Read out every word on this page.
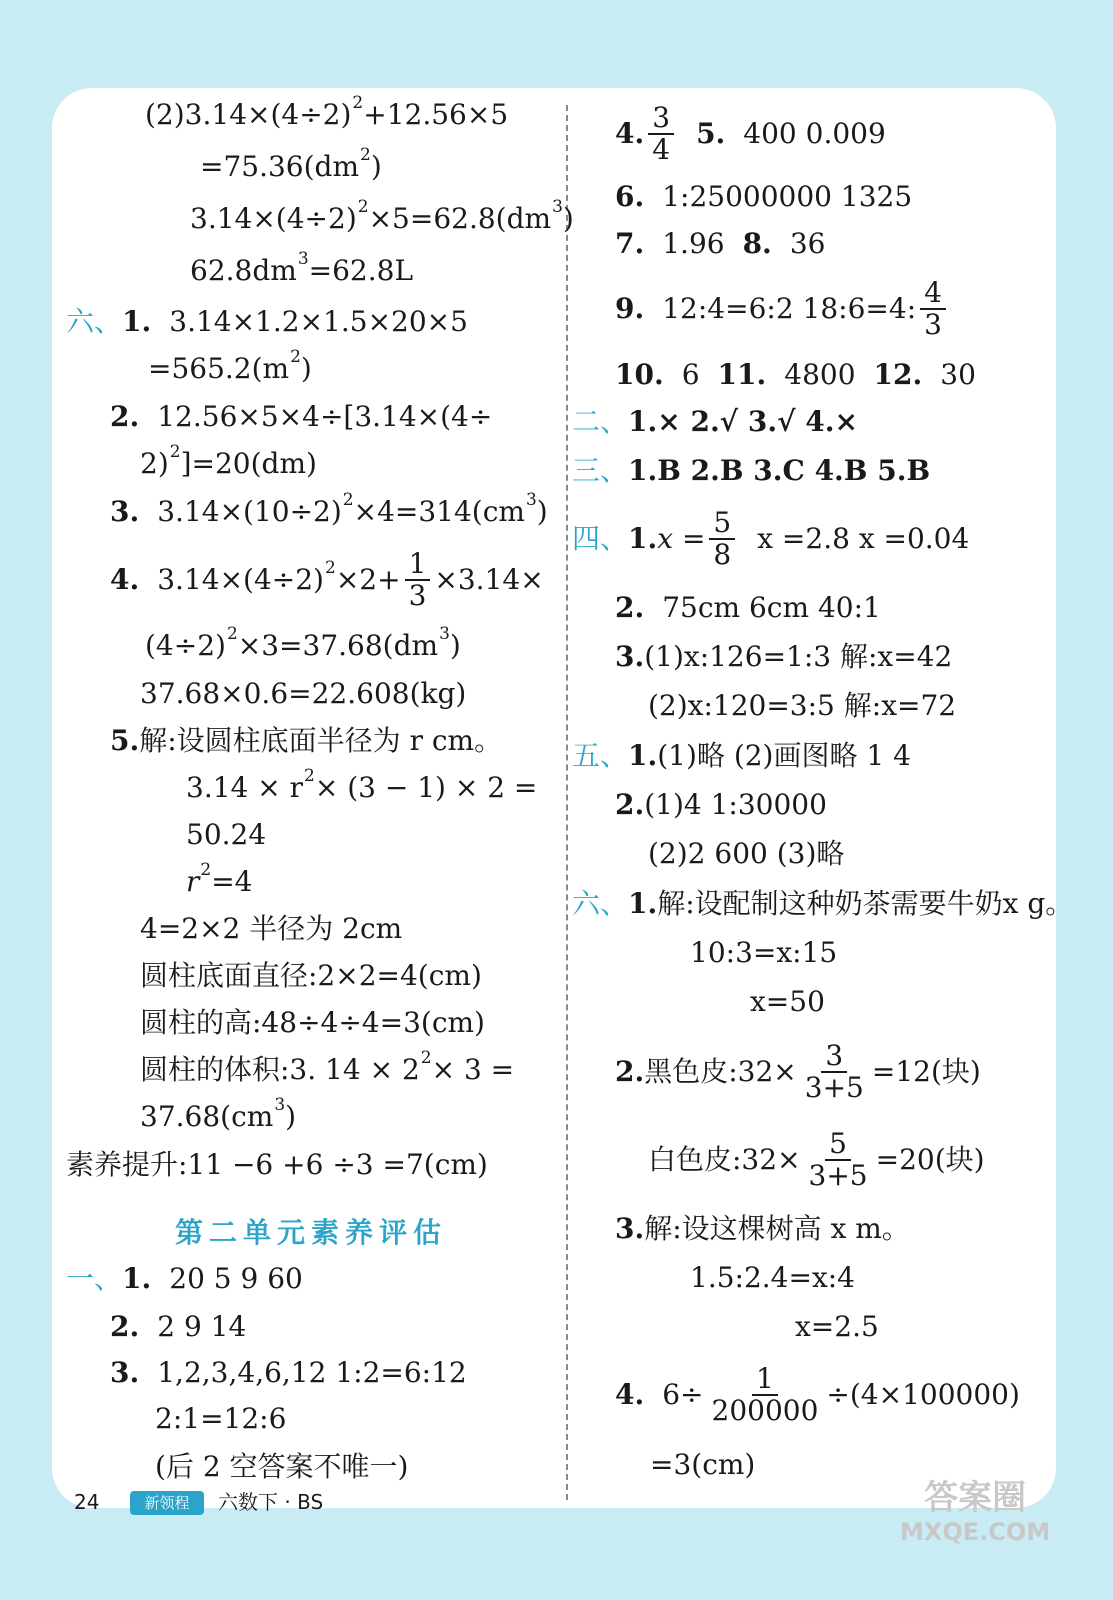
(2)3.14×(4÷2) 2 +12.56×5
=75.36(dm 2 )
3.14×(4÷2) 2 ×5=62.8(dm 3 )
62.8dm 3 =62.8L
六、 1. 3.14×1.2×1.5×20×5
=565.2(m 2 )
2. 12.56×5×4÷[3.14×(4÷
2) 2 ]=20(dm)
3. 3.14×(10÷2) 2 ×4=314(cm 3 )
4. 3.14×(4÷2) $2 \times 2+ \frac{1}{3} \times 3.14\times$
(4÷2) 2 ×3=37.68(dm 3 )
37.68×0.6=22.608(kg)
5. 解:设圆柱底面半径为 r cm。
3.14 × r 2 × (3 − 1) × 2 =
50.24
r 2 =4
4=2×2 半径为 2cm
圆柱底面直径:2×2=4(cm)
圆柱的高:48÷4÷4=3(cm)
圆柱的体积:3. 14 × 2 2 × 3 =
37.68(cm 3 )
素养提升:11 −6 +6 ÷3 =7(cm)
第二单元素养评估
一、 1. 20 5 9 60
2. 2 9 14
3. 1,2,3,4,6,12 1:2=6:12
2:1=12:6
(后 2 空答案不唯一)
4. $\frac{3}{4} 5$. 400 0.009
6. 1:25000000 1325
7. 1.96 8. 36
9. 12:4=6:2 18:6=4: $\frac{4}{3}$
10. 6 11. 4800 12. 30
二、 1.× 2.√ 3.√ 4.×
三、 1.B 2.B 3.C 4.B 5.B
四、 1. $x = \frac{5}{8}$ x =2.8 x =0.04
2. 75cm 6cm 40:1
3. (1)x:126=1:3 解:x=42
(2)x:120=3:5 解:x=72
五、 1. (1)略 (2)画图略 1 4
2. (1)4 1:30000
(2)2 600 (3)略
六、 1. 解:设配制这种奶茶需要牛奶x g。
10:3=x:15
x=50
2. 黑色皮:32× $\frac{3}{3+5} =12$(块)
白色皮:32× $\frac{5}{3+5} =20$(块)
3. 解:设这棵树高 x m。
1.5:2.4=x:4
x=2.5
4. $6\div \frac{1}{200000} \div(4\times 100000)$
=3(cm)
24	新领程	六数下 · BS	答案圈
MXQE.COM
